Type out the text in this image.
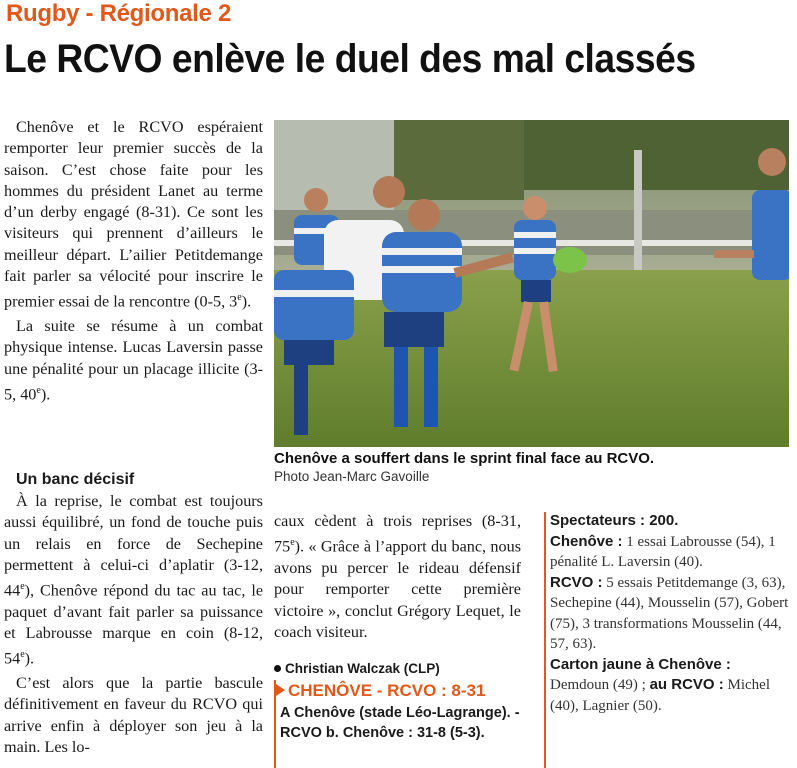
Rugby - Régionale 2
Le RCVO enlève le duel des mal classés

Chenôve et le RCVO espéraient remporter leur premier succès de la saison. C’est chose faite pour les hommes du président Lanet au terme d’un derby engagé (8-31). Ce sont les visiteurs qui prennent d’ailleurs le meilleur départ. L’ailier Petitdemange fait parler sa vélocité pour inscrire le premier essai de la rencontre (0-5, 3e).

La suite se résume à un combat physique intense. Lucas Laversin passe une pénalité pour un placage illicite (3-5, 40e).

Un banc décisif

À la reprise, le combat est toujours aussi équilibré, un fond de touche puis un relais en force de Sechepine permettent à celui-ci d’aplatir (3-12, 44e), Chenôve répond du tac au tac, le paquet d’avant fait parler sa puissance et Labrousse marque en coin (8-12, 54e).

C’est alors que la partie bascule définitivement en faveur du RCVO qui arrive enfin à déployer son jeu à la main. Les lo-

Chenôve a souffert dans le sprint final face au RCVO.
Photo Jean-Marc Gavoille

caux cèdent à trois reprises (8-31, 75e). « Grâce à l’apport du banc, nous avons pu percer le rideau défensif pour remporter cette première victoire », conclut Grégory Lequet, le coach visiteur.

Christian Walczak (CLP)
CHENÔVE - RCVO : 8-31
A Chenôve (stade Léo-Lagrange). - RCVO b. Chenôve : 31-8 (5-3).
Spectateurs : 200.
Chenôve : 1 essai Labrousse (54), 1 pénalité L. Laversin (40).
RCVO : 5 essais Petitdemange (3, 63), Sechepine (44), Mousselin (57), Gobert (75), 3 transformations Mousselin (44, 57, 63).
Carton jaune à Chenôve : Demdoun (49) ; au RCVO : Michel (40), Lagnier (50).
